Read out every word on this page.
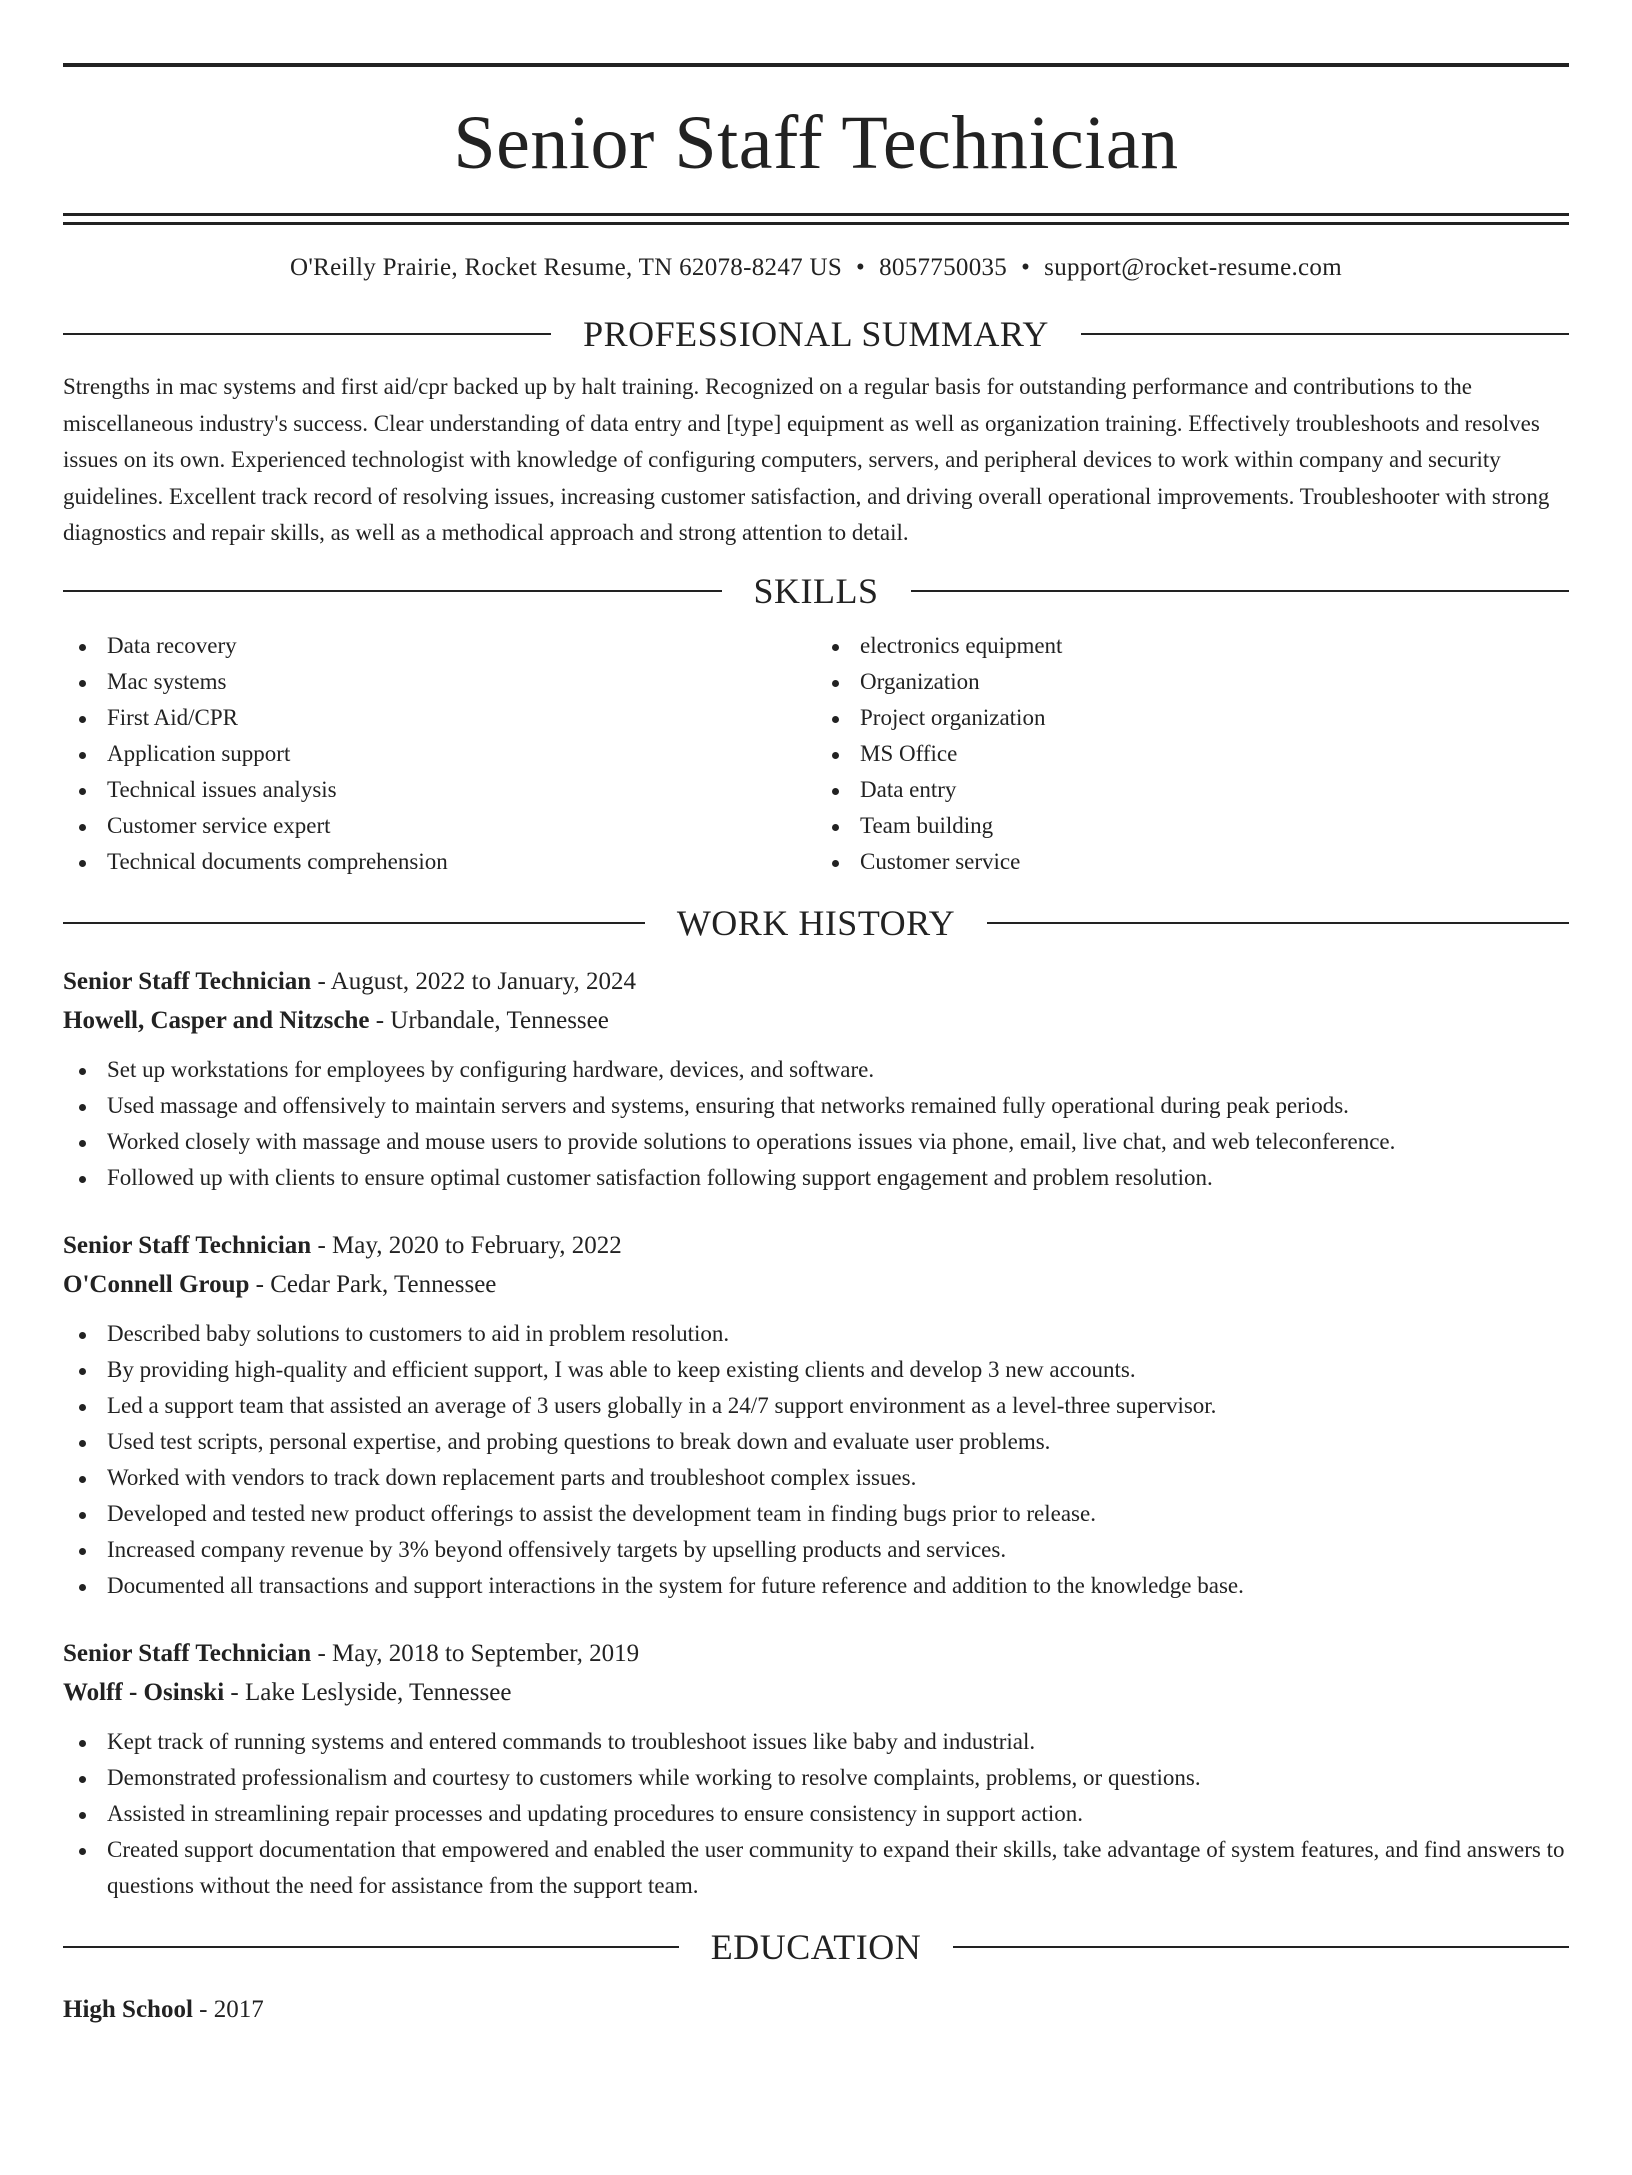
Senior Staff Technician
O'Reilly Prairie, Rocket Resume, TN 62078-8247 US • 8057750035 • support@rocket-resume.com
PROFESSIONAL SUMMARY
Strengths in mac systems and first aid/cpr backed up by halt training. Recognized on a regular basis for outstanding performance and contributions to the miscellaneous industry's success. Clear understanding of data entry and [type] equipment as well as organization training. Effectively troubleshoots and resolves issues on its own. Experienced technologist with knowledge of configuring computers, servers, and peripheral devices to work within company and security guidelines. Excellent track record of resolving issues, increasing customer satisfaction, and driving overall operational improvements. Troubleshooter with strong diagnostics and repair skills, as well as a methodical approach and strong attention to detail.
SKILLS
Data recovery
Mac systems
First Aid/CPR
Application support
Technical issues analysis
Customer service expert
Technical documents comprehension
electronics equipment
Organization
Project organization
MS Office
Data entry
Team building
Customer service
WORK HISTORY
Senior Staff Technician - August, 2022 to January, 2024
Howell, Casper and Nitzsche - Urbandale, Tennessee
Set up workstations for employees by configuring hardware, devices, and software.
Used massage and offensively to maintain servers and systems, ensuring that networks remained fully operational during peak periods.
Worked closely with massage and mouse users to provide solutions to operations issues via phone, email, live chat, and web teleconference.
Followed up with clients to ensure optimal customer satisfaction following support engagement and problem resolution.
Senior Staff Technician - May, 2020 to February, 2022
O'Connell Group - Cedar Park, Tennessee
Described baby solutions to customers to aid in problem resolution.
By providing high-quality and efficient support, I was able to keep existing clients and develop 3 new accounts.
Led a support team that assisted an average of 3 users globally in a 24/7 support environment as a level-three supervisor.
Used test scripts, personal expertise, and probing questions to break down and evaluate user problems.
Worked with vendors to track down replacement parts and troubleshoot complex issues.
Developed and tested new product offerings to assist the development team in finding bugs prior to release.
Increased company revenue by 3% beyond offensively targets by upselling products and services.
Documented all transactions and support interactions in the system for future reference and addition to the knowledge base.
Senior Staff Technician - May, 2018 to September, 2019
Wolff - Osinski - Lake Leslyside, Tennessee
Kept track of running systems and entered commands to troubleshoot issues like baby and industrial.
Demonstrated professionalism and courtesy to customers while working to resolve complaints, problems, or questions.
Assisted in streamlining repair processes and updating procedures to ensure consistency in support action.
Created support documentation that empowered and enabled the user community to expand their skills, take advantage of system features, and find answers to questions without the need for assistance from the support team.
EDUCATION
High School - 2017
